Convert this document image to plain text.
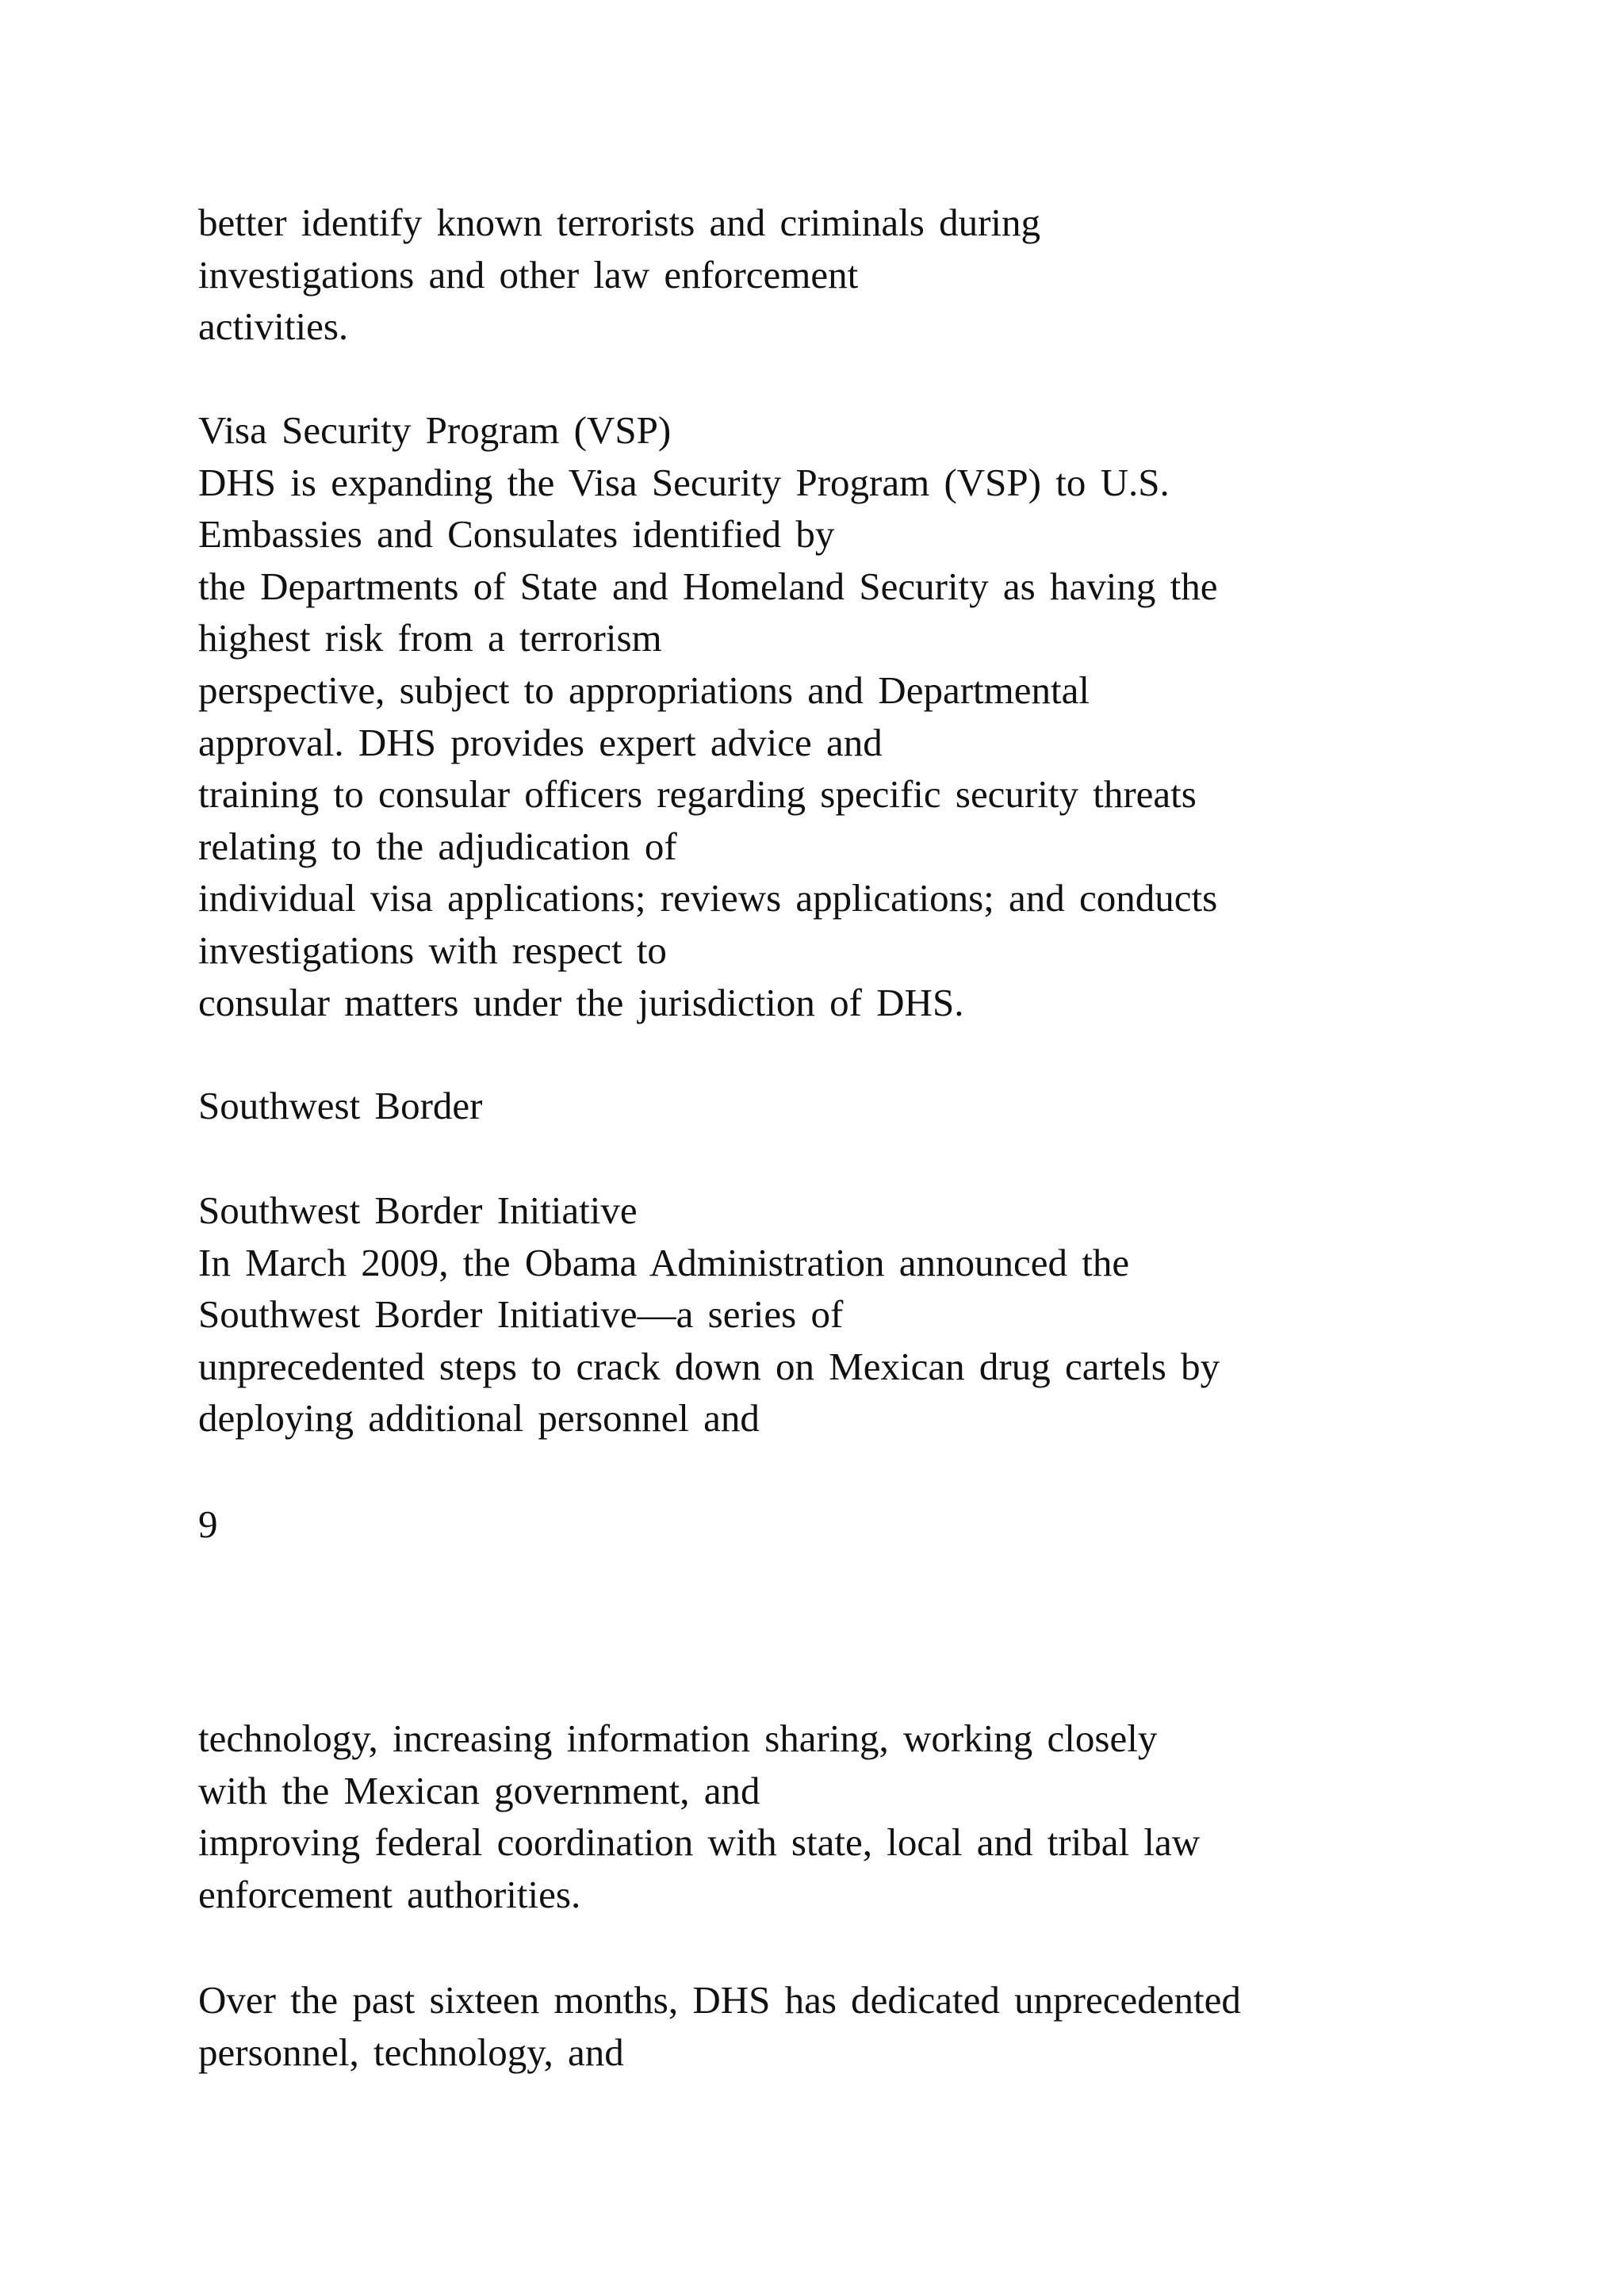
better identify known terrorists and criminals during
investigations and other law enforcement
activities.
Visa Security Program (VSP)
DHS is expanding the Visa Security Program (VSP) to U.S.
Embassies and Consulates identified by
the Departments of State and Homeland Security as having the
highest risk from a terrorism
perspective, subject to appropriations and Departmental
approval. DHS provides expert advice and
training to consular officers regarding specific security threats
relating to the adjudication of
individual visa applications; reviews applications; and conducts
investigations with respect to
consular matters under the jurisdiction of DHS.
Southwest Border
Southwest Border Initiative
In March 2009, the Obama Administration announced the
Southwest Border Initiative—a series of
unprecedented steps to crack down on Mexican drug cartels by
deploying additional personnel and
9
technology, increasing information sharing, working closely
with the Mexican government, and
improving federal coordination with state, local and tribal law
enforcement authorities.
Over the past sixteen months, DHS has dedicated unprecedented
personnel, technology, and
